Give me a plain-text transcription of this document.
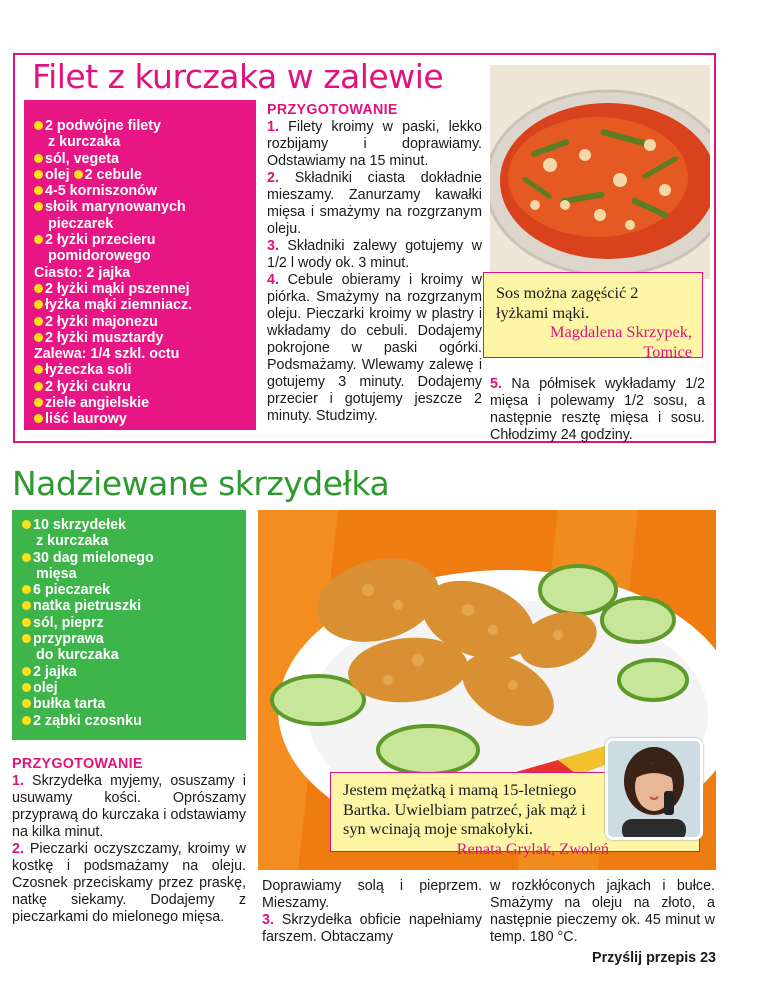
Filet z kurczaka w zalewie
2 podwójne filety
z kurczaka
sól, vegeta
olej 2 cebule
4-5 korniszonów
słoik marynowanych
pieczarek
2 łyżki przecieru
pomidorowego
Ciasto: 2 jajka
2 łyżki mąki pszennej
łyżka mąki ziemniacz.
2 łyżki majonezu
2 łyżki musztardy
Zalewa: 1/4 szkl. octu
łyżeczka soli
2 łyżki cukru
ziele angielskie
liść laurowy

PRZYGOTOWANIE

1. Filety kroimy w paski, lekko rozbijamy i doprawiamy. Odstawiamy na 15 minut.

2. Składniki ciasta dokładnie mieszamy. Zanurzamy kawałki mięsa i smażymy na rozgrzanym oleju.

3. Składniki zalewy gotujemy w 1/2 l wody ok. 3 minut.

4. Cebule obieramy i kroimy w piórka. Smażymy na rozgrzanym oleju. Pieczarki kroimy w plastry i wkładamy do cebuli. Dodajemy pokrojone w paski ogórki. Podsmażamy. Wlewamy zalewę i gotujemy 3 minuty. Dodajemy przecier i gotujemy jeszcze 2 minuty. Studzimy.

Sos można zagęścić 2 łyżkami mąki.
Magdalena Skrzypek,
Tomice

5. Na półmisek wykładamy 1/2 mięsa i polewamy 1/2 sosu, a następnie resztę mięsa i sosu. Chłodzimy 24 godziny.

Nadziewane skrzydełka
10 skrzydełek
z kurczaka
30 dag mielonego
mięsa
6 pieczarek
natka pietruszki
sól, pieprz
przyprawa
do kurczaka
2 jajka
olej
bułka tarta
2 ząbki czosnku
Jestem mężatką i mamą 15-letniego Bartka. Uwielbiam patrzeć, jak mąż i syn wcinają moje smakołyki.
Renata Grylak, Zwoleń

PRZYGOTOWANIE

1. Skrzydełka myjemy, osuszamy i usuwamy kości. Oprószamy przyprawą do kurczaka i odstawiamy na kilka minut.

2. Pieczarki oczyszczamy, kroimy w kostkę i podsmażamy na oleju. Czosnek przeciskamy przez praskę, natkę siekamy. Dodajemy z pieczarkami do mielonego mięsa.

Doprawiamy solą i pieprzem. Mieszamy.

3. Skrzydełka obficie napełniamy farszem. Obtaczamy

w rozkłóconych jajkach i bułce. Smażymy na oleju na złoto, a następnie pieczemy ok. 45 minut w temp. 180 °C.

Przyślij przepis 23
